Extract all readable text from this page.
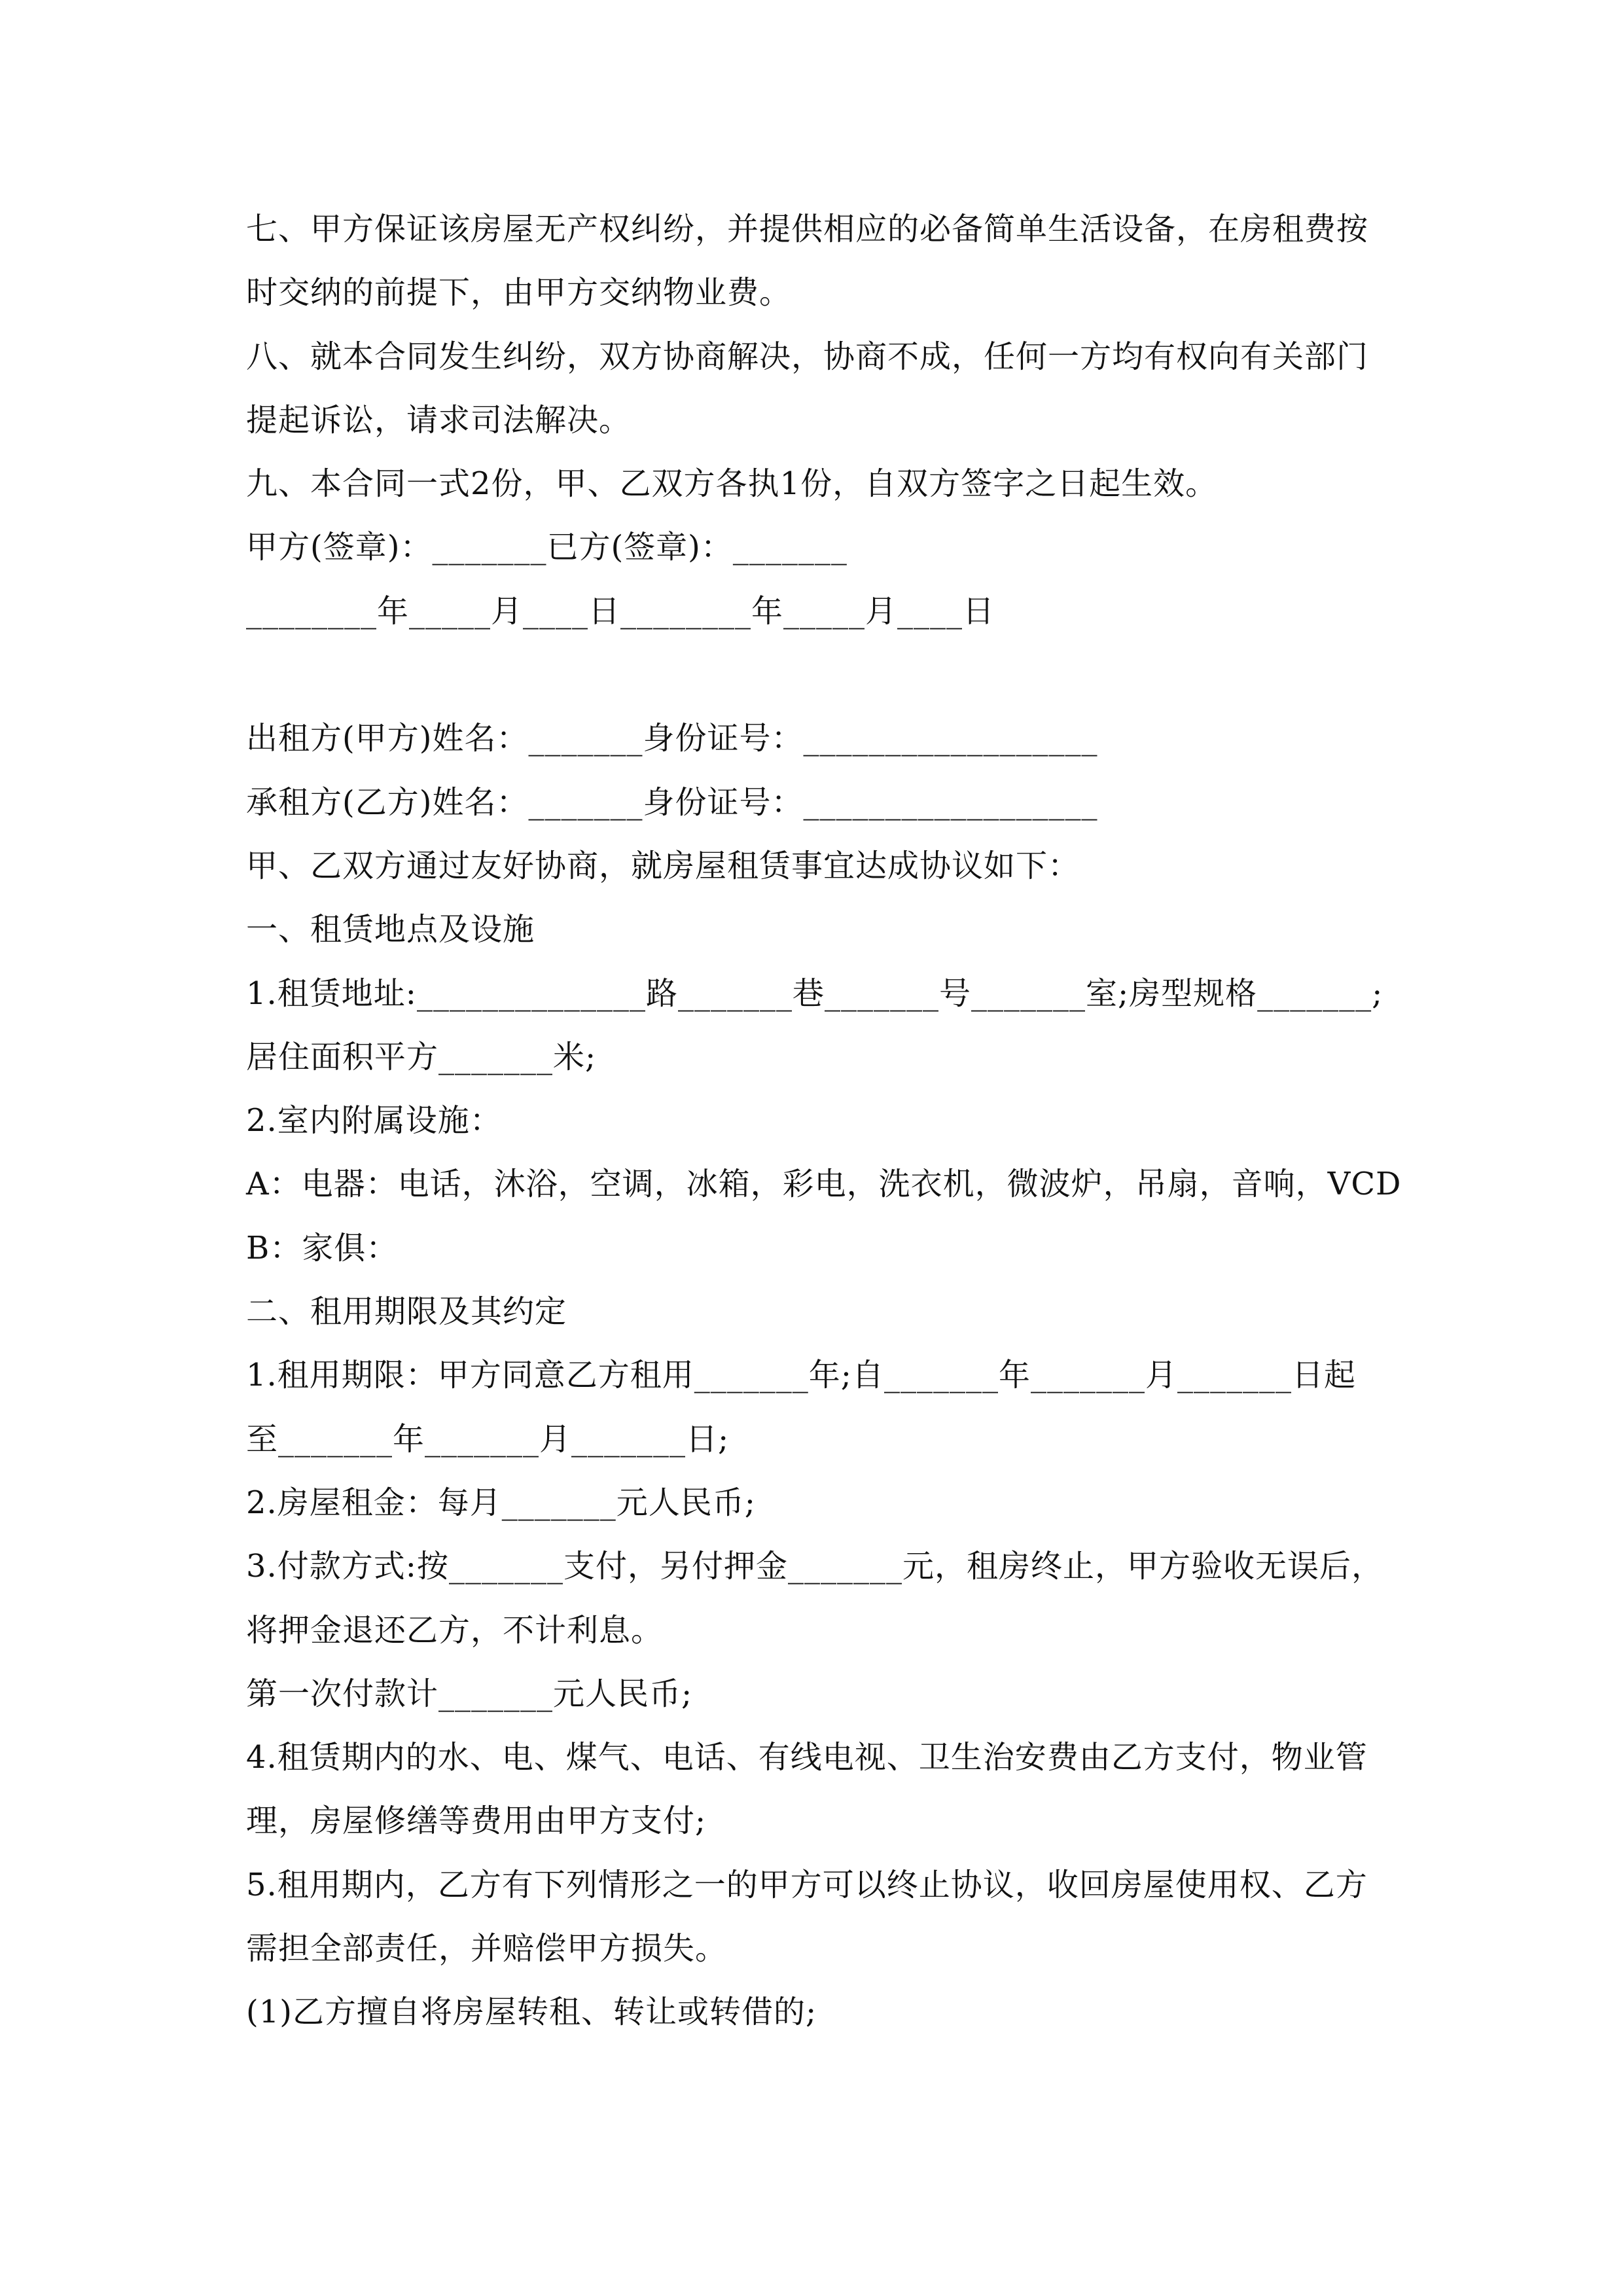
七、甲方保证该房屋无产权纠纷，并提供相应的必备简单生活设备，在房租费按
时交纳的前提下，由甲方交纳物业费。
八、就本合同发生纠纷，双方协商解决，协商不成，任何一方均有权向有关部门
提起诉讼，请求司法解决。
九、本合同一式2份，甲、乙双方各执1份，自双方签字之日起生效。
甲方(签章)：_______已方(签章)：_______
________年_____月____日________年_____月____日
出租方(甲方)姓名：_______身份证号：__________________
承租方(乙方)姓名：_______身份证号：__________________
甲、乙双方通过友好协商，就房屋租赁事宜达成协议如下：
一、租赁地点及设施
1.租赁地址:______________路_______巷_______号_______室;房型规格_______;
居住面积平方_______米;
2.室内附属设施：
A：电器：电话，沐浴，空调，冰箱，彩电，洗衣机，微波炉，吊扇，音响，VCD
B：家俱：
二、租用期限及其约定
1.租用期限：甲方同意乙方租用_______年;自_______年_______月_______日起
至_______年_______月_______日;
2.房屋租金：每月_______元人民币;
3.付款方式:按_______支付，另付押金_______元，租房终止，甲方验收无误后，
将押金退还乙方，不计利息。
第一次付款计_______元人民币;
4.租赁期内的水、电、煤气、电话、有线电视、卫生治安费由乙方支付，物业管
理，房屋修缮等费用由甲方支付;
5.租用期内，乙方有下列情形之一的甲方可以终止协议，收回房屋使用权、乙方
需担全部责任，并赔偿甲方损失。
(1)乙方擅自将房屋转租、转让或转借的;
